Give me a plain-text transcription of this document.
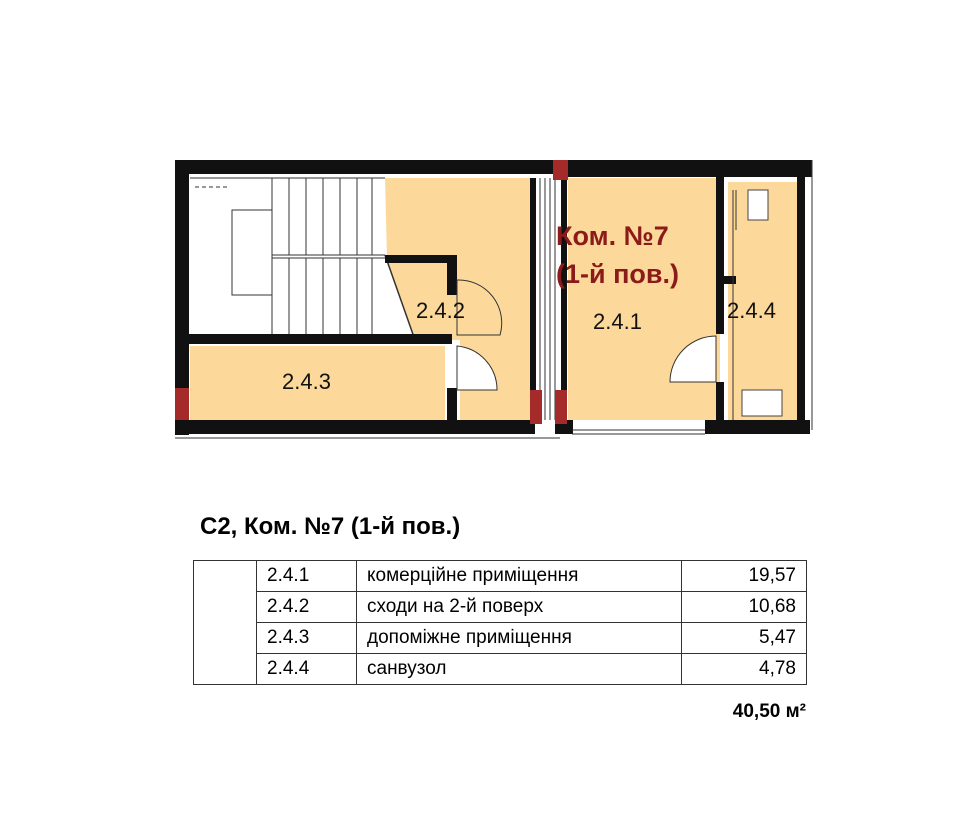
2.4.2	2.4.1
2.4.3
2.4.4
Ком. №7
(1-й пов.)
С2, Ком. №7 (1-й пов.)
	2.4.1	комерційне приміщення	19,57
	2.4.2	сходи на 2-й поверх	10,68
	2.4.3	допоміжне приміщення	5,47
	2.4.4	санвузол	4,78
40,50 м²
